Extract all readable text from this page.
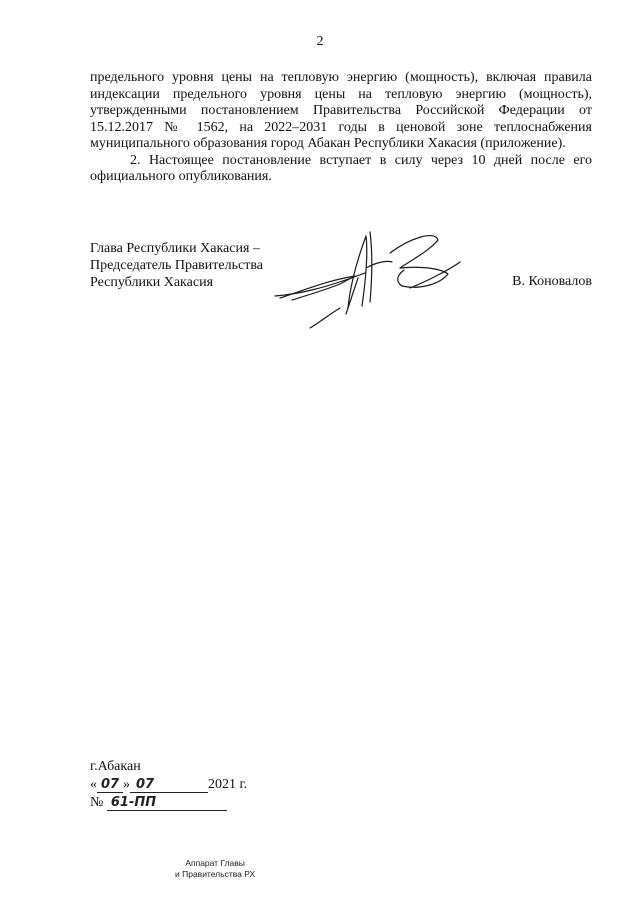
2

предельного уровня цены на тепловую энергию (мощность), включая правила индексации предельного уровня цены на тепловую энергию (мощность), утвержденными постановлением Правительства Российской Федерации от 15.12.2017 № 1562, на 2022–2031 годы в ценовой зоне теплоснабжения муниципального образования город Абакан Республики Хакасия (приложение).

2. Настоящее постановление вступает в силу через 10 дней после его официального опубликования.

Глава Республики Хакасия –
Председатель Правительства
Республики Хакасия	В. Коновалов
г.Абакан
« 07 » 07	2021 г.
№ 61-ПП
Аппарат Главы
и Правительства РХ
